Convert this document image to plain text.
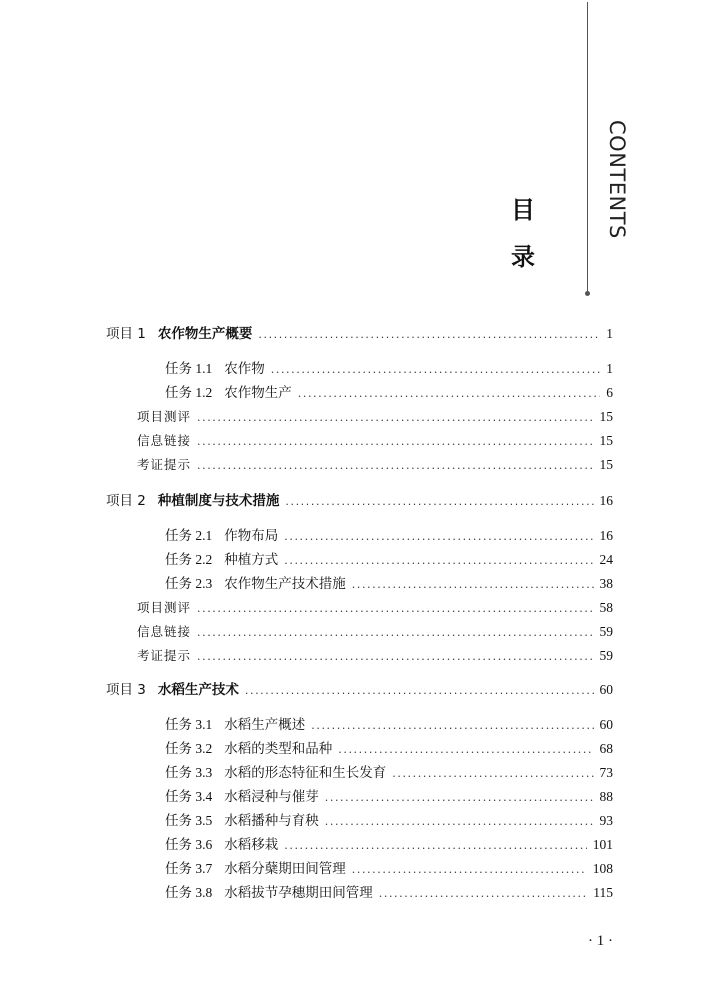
CONTENTS
目
录
项目 1 农作物生产概要 .....	1
任务 1.1 农作物 .....	1
任务 1.2 农作物生产 .....	6
项目测评 .....	15
信息链接 .....	15
考证提示 .....	15
项目 2 种植制度与技术措施 .....	16
任务 2.1 作物布局 .....	16
任务 2.2 种植方式 .....	24
任务 2.3 农作物生产技术措施 .....	38
项目测评 .....	58
信息链接 .....	59
考证提示 .....	59
项目 3 水稻生产技术 .....	60
任务 3.1 水稻生产概述 .....	60
任务 3.2 水稻的类型和品种 .....	68
任务 3.3 水稻的形态特征和生长发育 .....	73
任务 3.4 水稻浸种与催芽 .....	88
任务 3.5 水稻播种与育秧 .....	93
任务 3.6 水稻移栽 .....	101
任务 3.7 水稻分蘖期田间管理 .....	108
任务 3.8 水稻拔节孕穗期田间管理 .....	115
· 1 ·
